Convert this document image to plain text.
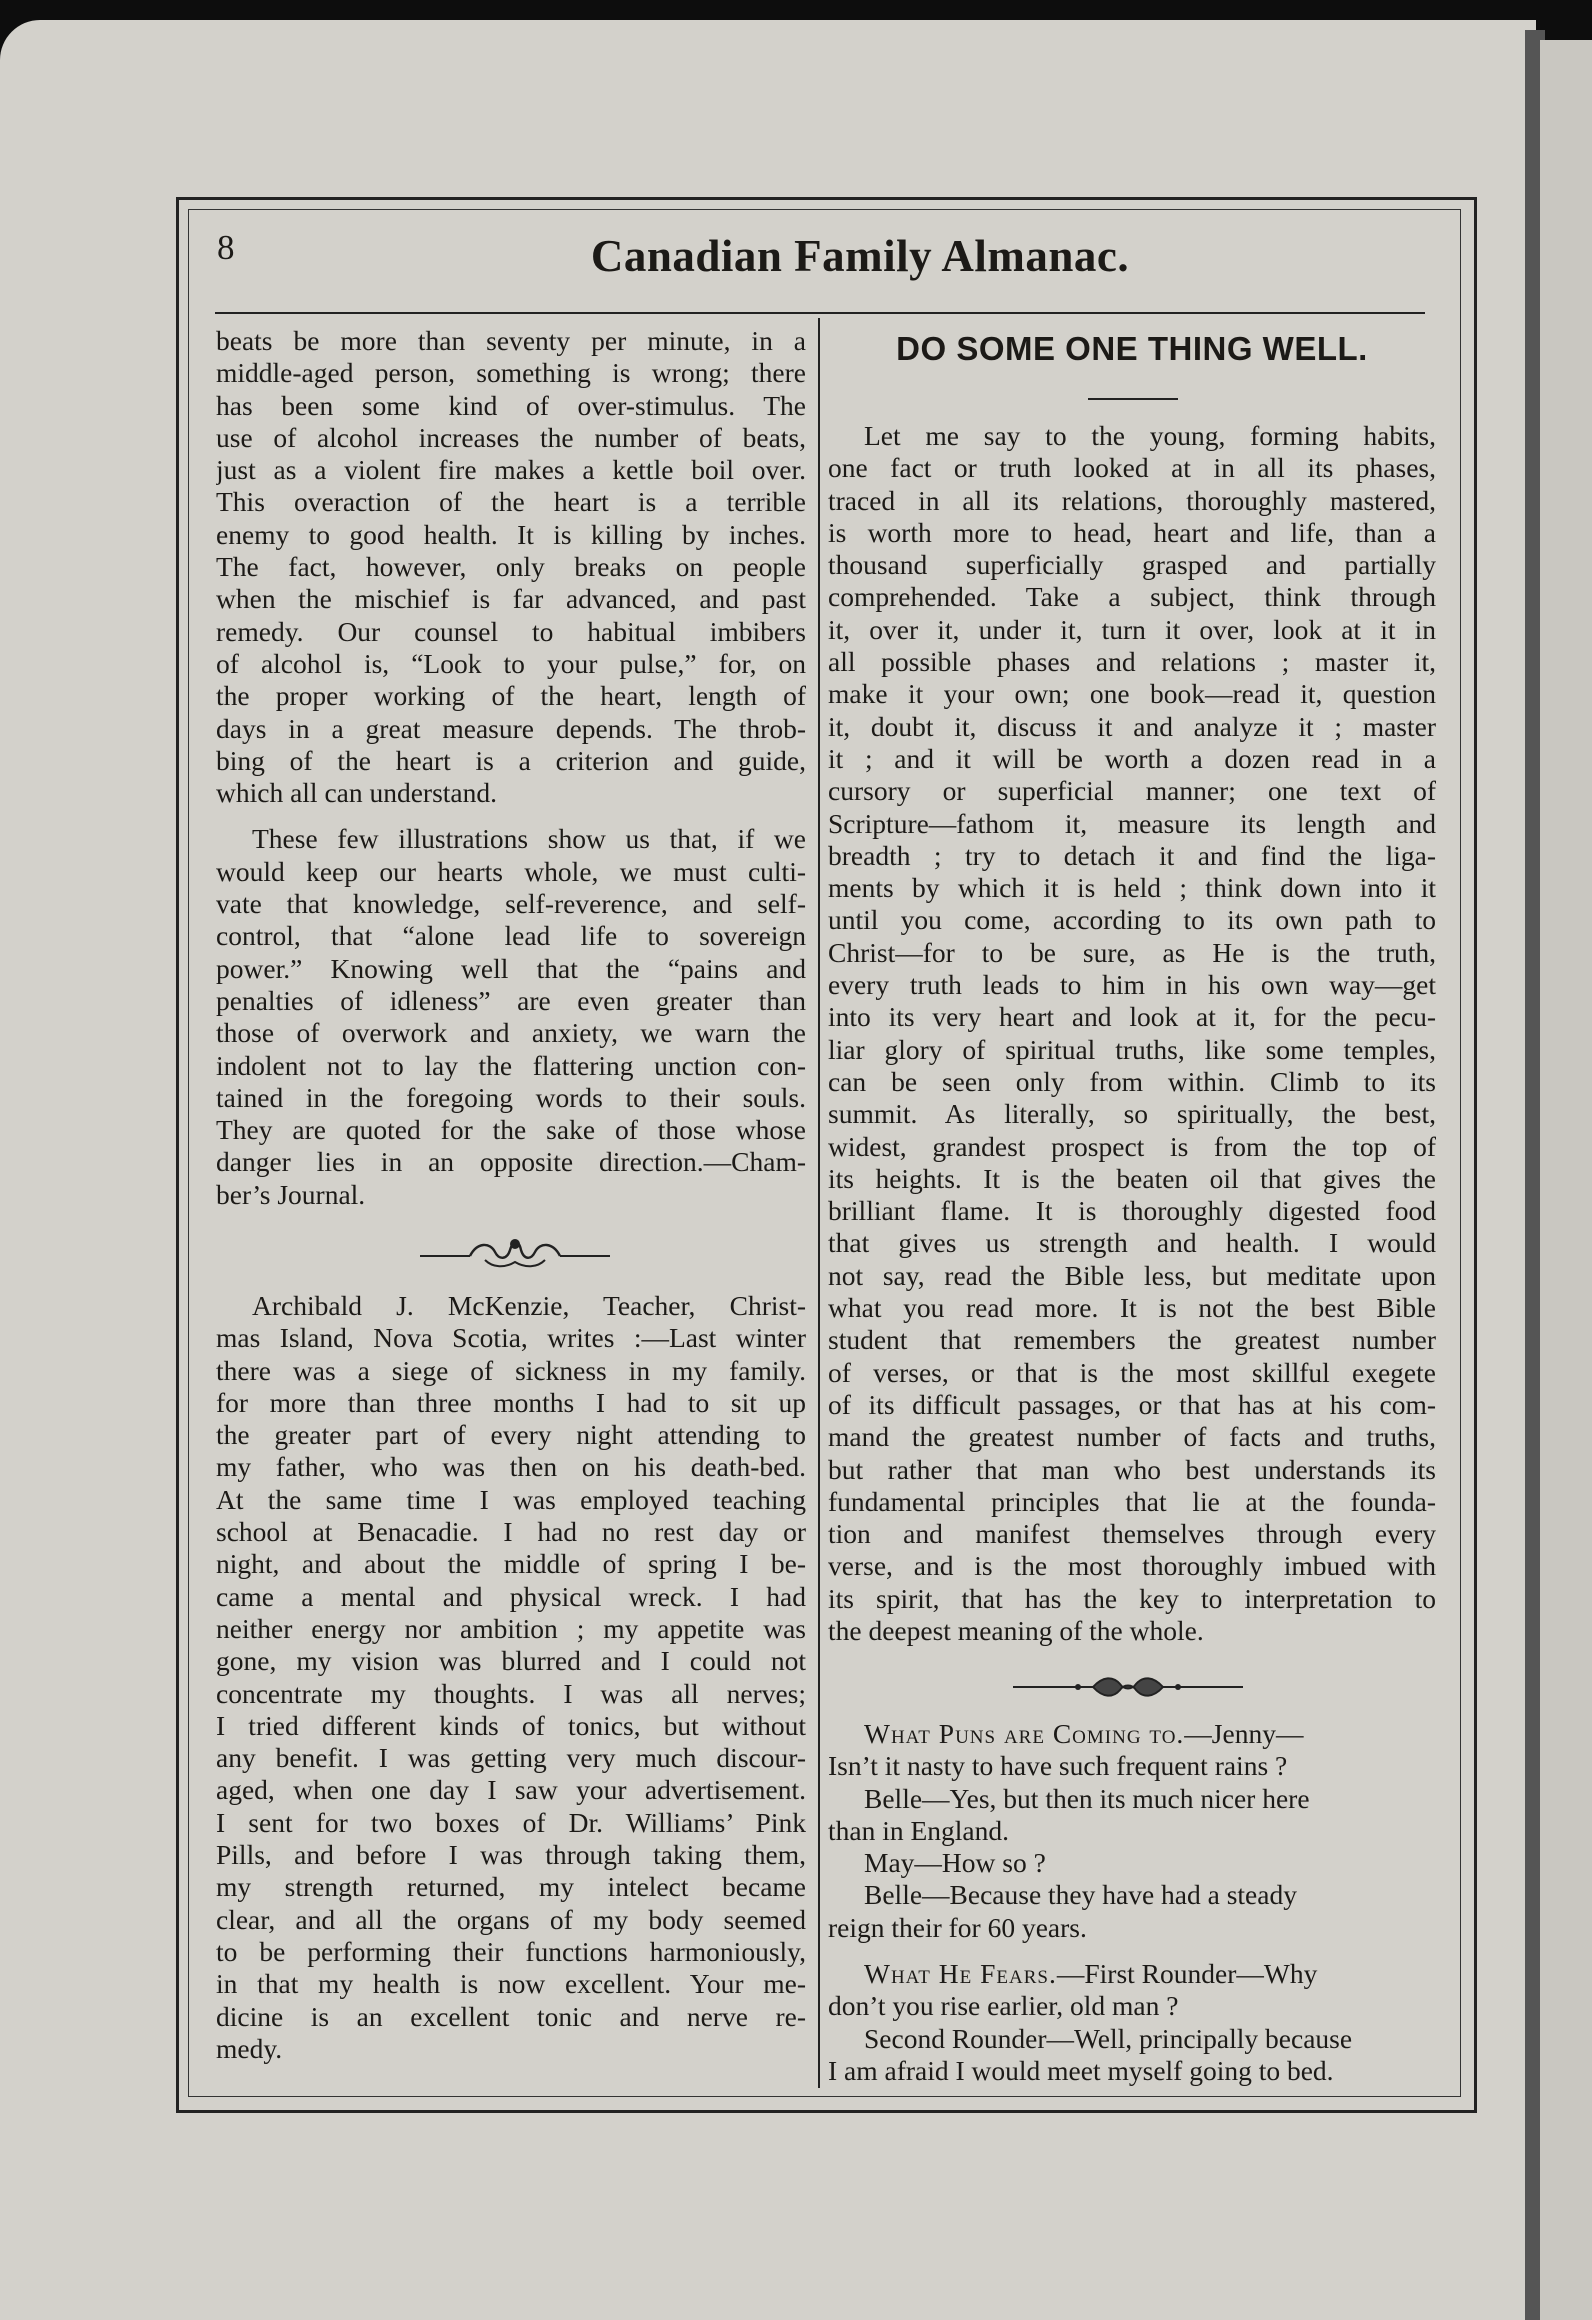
8	Canadian Family Almanac.

beats be more than seventy per minute, in a

middle-aged person, something is wrong; there

has been some kind of over-stimulus. The

use of alcohol increases the number of beats,

just as a violent fire makes a kettle boil over.

This overaction of the heart is a terrible

enemy to good health. It is killing by inches.

The fact, however, only breaks on people

when the mischief is far advanced, and past

remedy. Our counsel to habitual imbibers

of alcohol is, “Look to your pulse,” for, on

the proper working of the heart, length of

days in a great measure depends. The throb-

bing of the heart is a criterion and guide,

which all can understand.

These few illustrations show us that, if we

would keep our hearts whole, we must culti-

vate that knowledge, self-reverence, and self-

control, that “alone lead life to sovereign

power.” Knowing well that the “pains and

penalties of idleness” are even greater than

those of overwork and anxiety, we warn the

indolent not to lay the flattering unction con-

tained in the foregoing words to their souls.

They are quoted for the sake of those whose

danger lies in an opposite direction.—Cham-

ber’s Journal.

Archibald J. McKenzie, Teacher, Christ-

mas Island, Nova Scotia, writes :—Last winter

there was a siege of sickness in my family.

for more than three months I had to sit up

the greater part of every night attending to

my father, who was then on his death-bed.

At the same time I was employed teaching

school at Benacadie. I had no rest day or

night, and about the middle of spring I be-

came a mental and physical wreck. I had

neither energy nor ambition ; my appetite was

gone, my vision was blurred and I could not

concentrate my thoughts. I was all nerves;

I tried different kinds of tonics, but without

any benefit. I was getting very much discour-

aged, when one day I saw your advertisement.

I sent for two boxes of Dr. Williams’ Pink

Pills, and before I was through taking them,

my strength returned, my intelect became

clear, and all the organs of my body seemed

to be performing their functions harmoniously,

in that my health is now excellent. Your me-

dicine is an excellent tonic and nerve re-

medy.

DO SOME ONE THING WELL.

Let me say to the young, forming habits,

one fact or truth looked at in all its phases,

traced in all its relations, thoroughly mastered,

is worth more to head, heart and life, than a

thousand superficially grasped and partially

comprehended. Take a subject, think through

it, over it, under it, turn it over, look at it in

all possible phases and relations ; master it,

make it your own; one book—read it, question

it, doubt it, discuss it and analyze it ; master

it ; and it will be worth a dozen read in a

cursory or superficial manner; one text of

Scripture—fathom it, measure its length and

breadth ; try to detach it and find the liga-

ments by which it is held ; think down into it

until you come, according to its own path to

Christ—for to be sure, as He is the truth,

every truth leads to him in his own way—get

into its very heart and look at it, for the pecu-

liar glory of spiritual truths, like some temples,

can be seen only from within. Climb to its

summit. As literally, so spiritually, the best,

widest, grandest prospect is from the top of

its heights. It is the beaten oil that gives the

brilliant flame. It is thoroughly digested food

that gives us strength and health. I would

not say, read the Bible less, but meditate upon

what you read more. It is not the best Bible

student that remembers the greatest number

of verses, or that is the most skillful exegete

of its difficult passages, or that has at his com-

mand the greatest number of facts and truths,

but rather that man who best understands its

fundamental principles that lie at the founda-

tion and manifest themselves through every

verse, and is the most thoroughly imbued with

its spirit, that has the key to interpretation to

the deepest meaning of the whole.

What Puns are Coming to.—Jenny—

Isn’t it nasty to have such frequent rains ?

Belle—Yes, but then its much nicer here

than in England.

May—How so ?

Belle—Because they have had a steady

reign their for 60 years.

What He Fears.—First Rounder—Why

don’t you rise earlier, old man ?

Second Rounder—Well, principally because

I am afraid I would meet myself going to bed.
